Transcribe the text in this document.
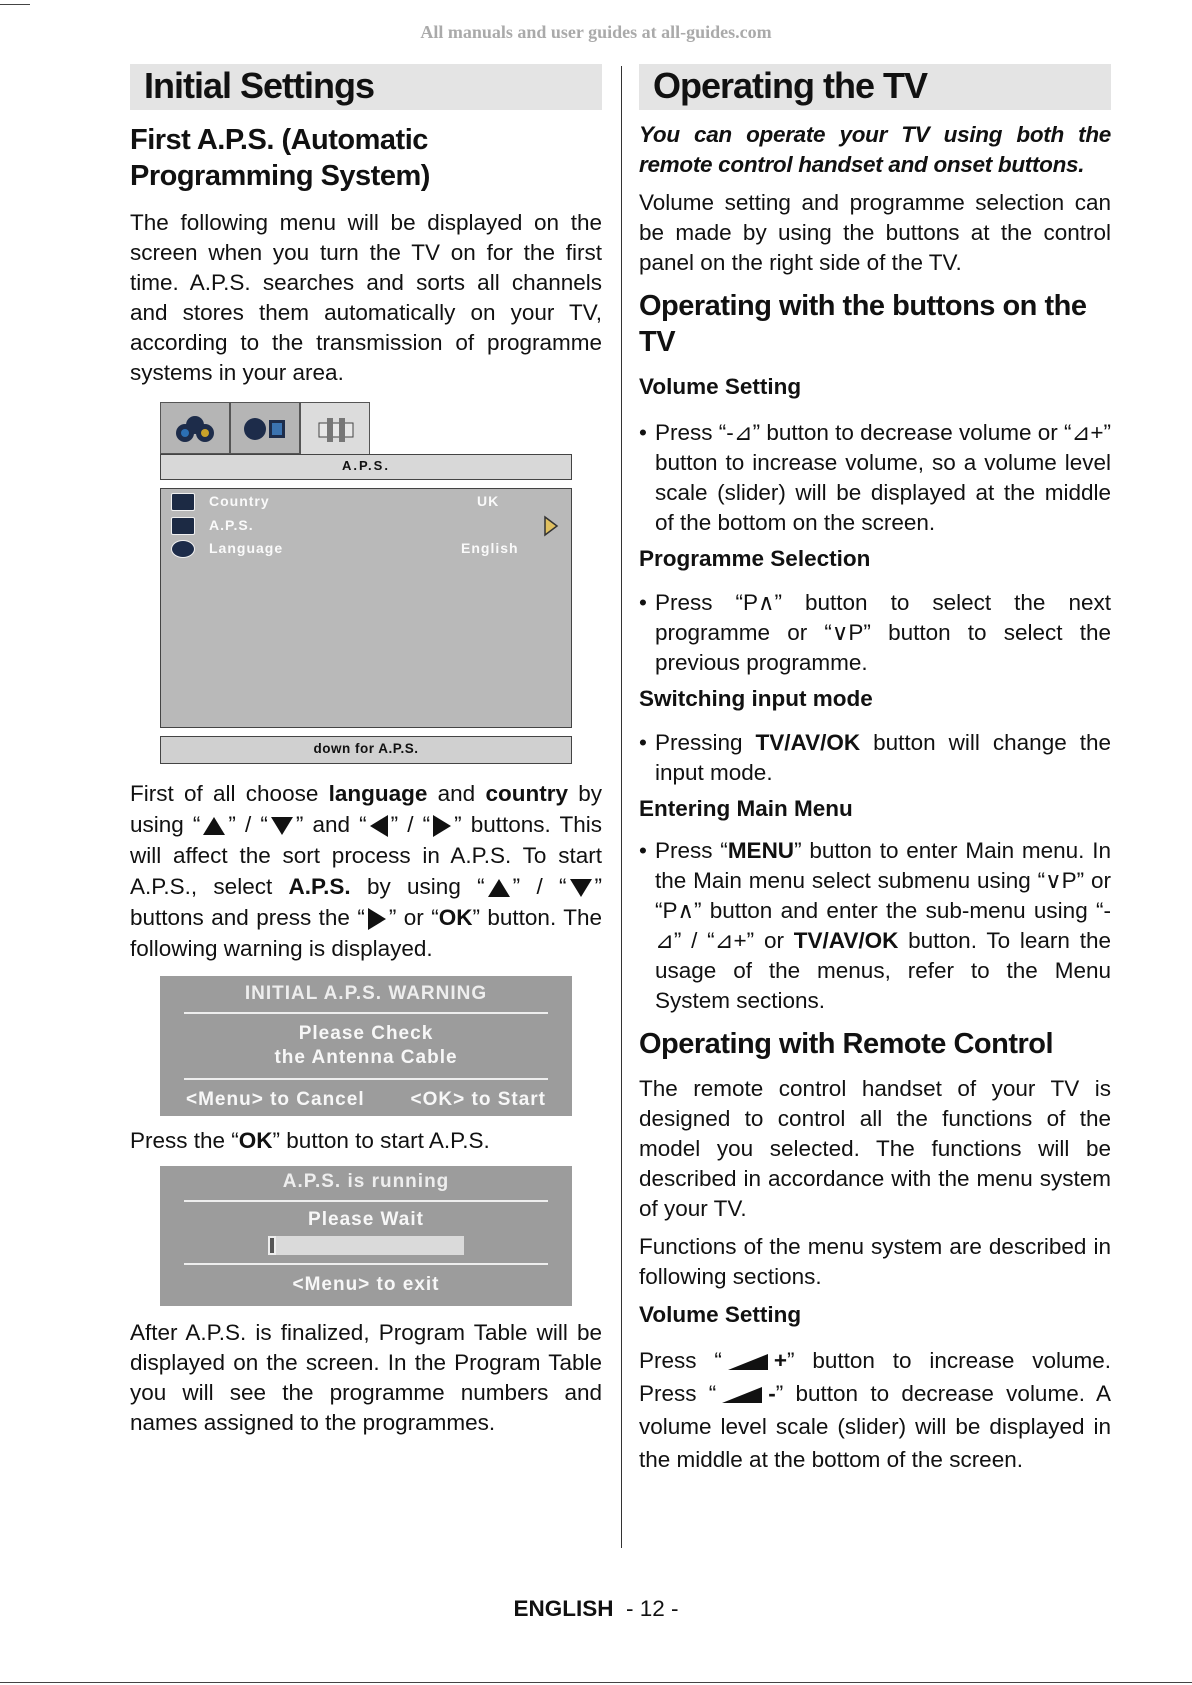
All manuals and user guides at all-guides.com
Initial Settings
First A.P.S. (Automatic
Programming System)

The following menu will be displayed on the screen when you turn the TV on for the first time. A.P.S. searches and sorts all channels and stores them automatically on your TV, according to the transmission of programme systems in your area.

A.P.S.
Country	UK
A.P.S.
Language	English
down for A.P.S.

First of all choose language and country by using “ ” / “ ” and “ ” / “ ” buttons. This will affect the sort process in A.P.S. To start A.P.S., select A.P.S. by using “ ” / “ ” buttons and press the “ ” or “OK” button. The following warning is displayed.

INITIAL A.P.S. WARNING
Please Check
the Antenna Cable
<Menu> to Cancel <OK> to Start

Press the “OK” button to start A.P.S.

A.P.S. is running
Please Wait
<Menu> to exit

After A.P.S. is finalized, Program Table will be displayed on the screen. In the Program Table you will see the programme numbers and names assigned to the programmes.

Operating the TV

You can operate your TV using both the remote control handset and onset buttons.

Volume setting and programme selection can be made by using the buttons at the control panel on the right side of the TV.

Operating with the buttons on the TV
Volume Setting

• Press “-⊿” button to decrease volume or “⊿+” button to increase volume, so a volume level scale (slider) will be displayed at the middle of the bottom on the screen.

Programme Selection

• Press “P∧” button to select the next programme or “∨P” button to select the previous programme.

Switching input mode

• Pressing TV/AV/OK button will change the input mode.

Entering Main Menu

• Press “MENU” button to enter Main menu. In the Main menu select submenu using “∨P” or “P∧” button and enter the sub-menu using “-⊿” / “⊿+” or TV/AV/OK button. To learn the usage of the menus, refer to the Menu System sections.

Operating with Remote Control

The remote control handset of your TV is designed to control all the functions of the model you selected. The functions will be described in accordance with the menu system of your TV.

Functions of the menu system are described in following sections.

Volume Setting

Press “ +” button to increase volume. Press “ -” button to decrease volume. A volume level scale (slider) will be displayed in the middle at the bottom of the screen.

ENGLISH - 12 -
